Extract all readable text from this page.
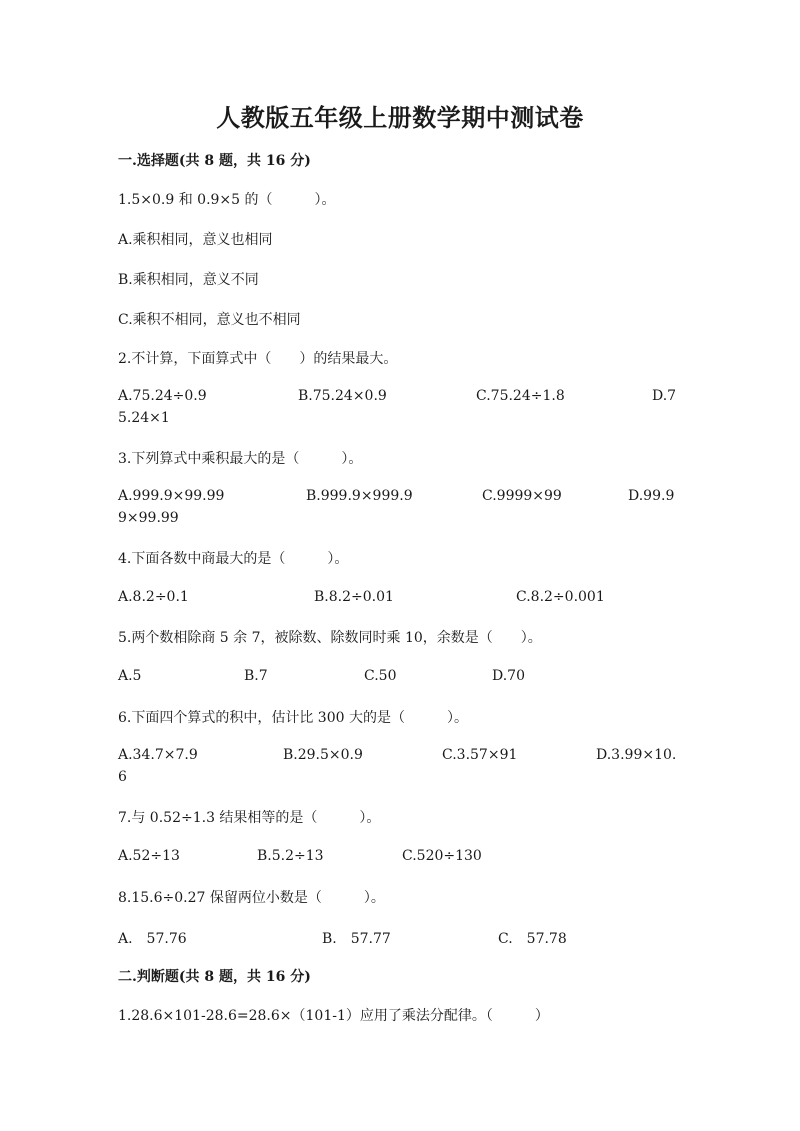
人教版五年级上册数学期中测试卷
一.选择题(共 8 题，共 16 分)
1.5×0.9 和 0.9×5 的（　　　）。
A.乘积相同，意义也相同
B.乘积相同，意义不同
C.乘积不相同，意义也不相同
2.不计算，下面算式中（　　）的结果最大。
A.75.24÷0.9	B.75.24×0.9	C.75.24÷1.8	D.7
5.24×1
3.下列算式中乘积最大的是（　　　）。
A.999.9×99.99	B.999.9×999.9	C.9999×99	D.99.9
9×99.99
4.下面各数中商最大的是（　　　）。
A.8.2÷0.1	B.8.2÷0.01	C.8.2÷0.001
5.两个数相除商 5 余 7，被除数、除数同时乘 10，余数是（　　）。
A.5	B.7	C.50	D.70
6.下面四个算式的积中，估计比 300 大的是（　　　）。
A.34.7×7.9	B.29.5×0.9	C.3.57×91	D.3.99×10.
6
7.与 0.52÷1.3 结果相等的是（　　　）。
A.52÷13	B.5.2÷13	C.520÷130
8.15.6÷0.27 保留两位小数是（　　　）。
A.　57.76	B.　57.77	C.　57.78
二.判断题(共 8 题，共 16 分)
1.28.6×101-28.6=28.6×（101-1）应用了乘法分配律。（　　　）
